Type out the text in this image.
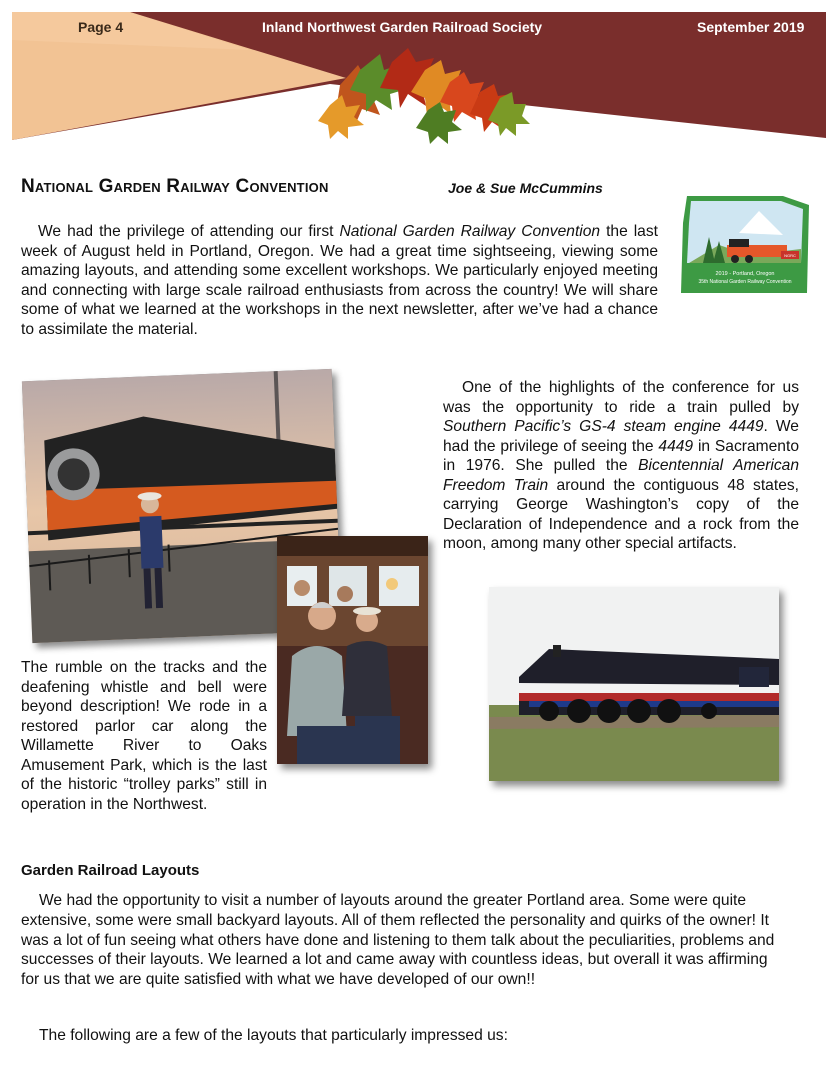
Page 4	Inland Northwest Garden Railroad Society	September 2019
National Garden Railway Convention	Joe & Sue McCummins

We had the privilege of attending our first National Garden Railway Convention the last week of August held in Portland, Oregon. We had a great time sightseeing, viewing some amazing layouts, and attending some excellent workshops. We particularly enjoyed meeting and connecting with large scale railroad enthusiasts from across the country! We will share some of what we learned at the workshops in the next newsletter, after we’ve had a chance to assimilate the material.

NGRC
2019 - Portland, Oregon
35th National Garden Railway Convention

One of the highlights of the conference for us was the opportunity to ride a train pulled by Southern Pacific’s GS-4 steam engine 4449. We had the privilege of seeing the 4449 in Sacramento in 1976. She pulled the Bicentennial American Freedom Train around the contiguous 48 states, carrying George Washington’s copy of the Declaration of Independence and a rock from the moon, among many other special artifacts.

The rumble on the tracks and the deafening whistle and bell were beyond description! We rode in a restored parlor car along the Willamette River to Oaks Amusement Park, which is the last of the historic “trolley parks” still in operation in the Northwest.

Garden Railroad Layouts

We had the opportunity to visit a number of layouts around the greater Portland area. Some were quite extensive, some were small backyard layouts. All of them reflected the personality and quirks of the owner! It was a lot of fun seeing what others have done and listening to them talk about the peculiarities, problems and successes of their layouts. We learned a lot and came away with countless ideas, but overall it was affirming for us that we are quite satisfied with what we have developed of our own!!

The following are a few of the layouts that particularly impressed us:
